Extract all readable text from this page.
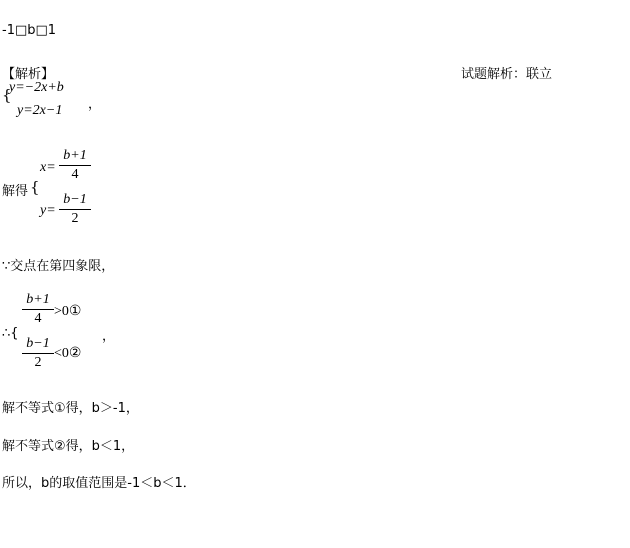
-1□b□1
【解析】	试题解析：联立
{
y=−2x+b
y=2x−1 ，
解得 {
x=
b+1
4
y=
b−1
2
∵交点在第四象限，
∴{
b+1
4 >0①
b−1
2
<0②
，
解不等式①得，b＞-1，
解不等式②得，b＜1，
所以，b的取值范围是-1＜b＜1．
